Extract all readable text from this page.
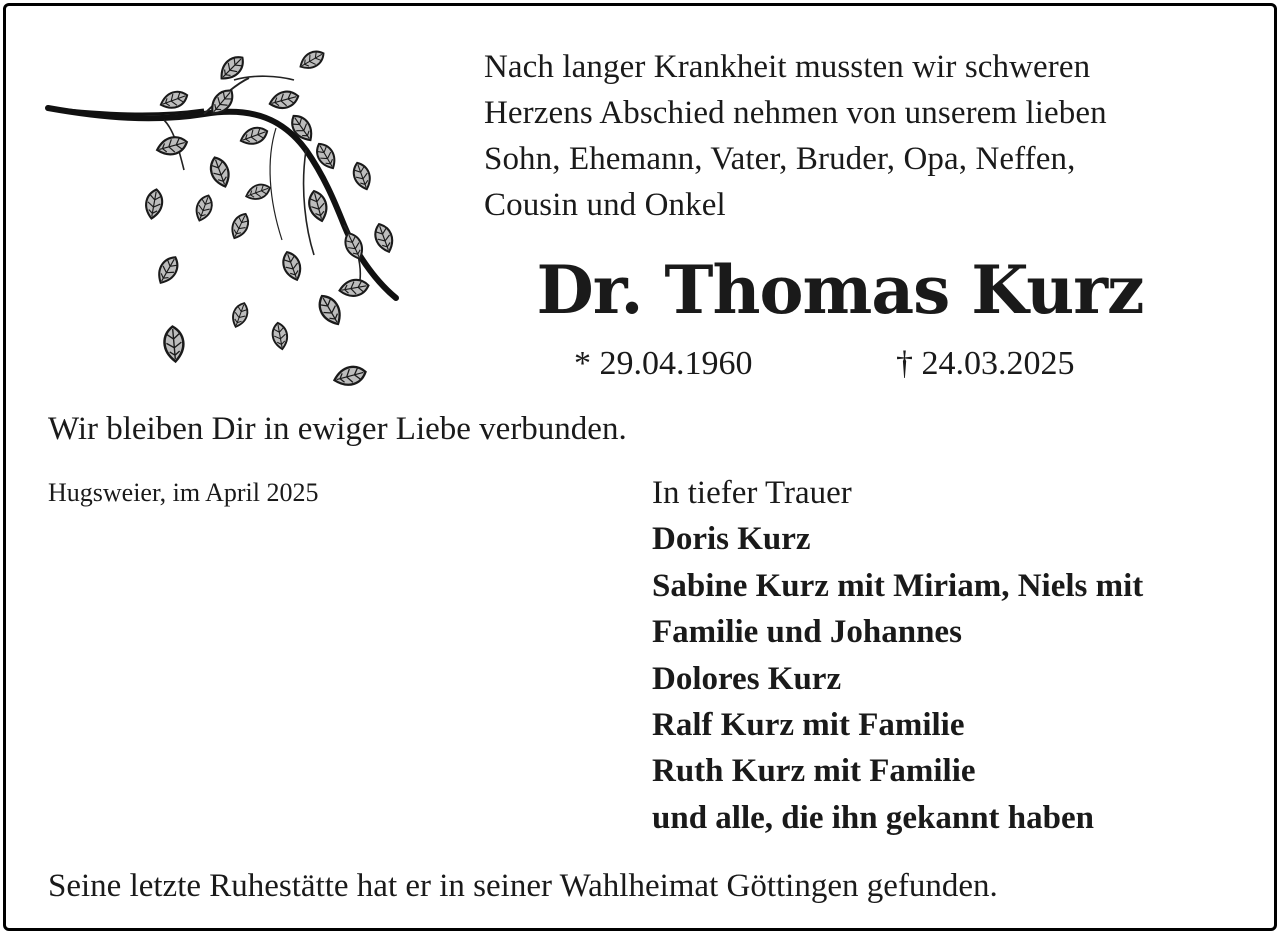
Nach langer Krankheit mussten wir schweren
Herzens Abschied nehmen von unserem lieben
Sohn, Ehemann, Vater, Bruder, Opa, Neffen,
Cousin und Onkel

Dr. Thomas Kurz
* 29.04.1960	† 24.03.2025

Wir bleiben Dir in ewiger Liebe verbunden.

Hugsweier, im April 2025	In tiefer Trauer
Doris Kurz
Sabine Kurz mit Miriam, Niels mit
Familie und Johannes
Dolores Kurz
Ralf Kurz mit Familie
Ruth Kurz mit Familie
und alle, die ihn gekannt haben

Seine letzte Ruhestätte hat er in seiner Wahlheimat Göttingen gefunden.
